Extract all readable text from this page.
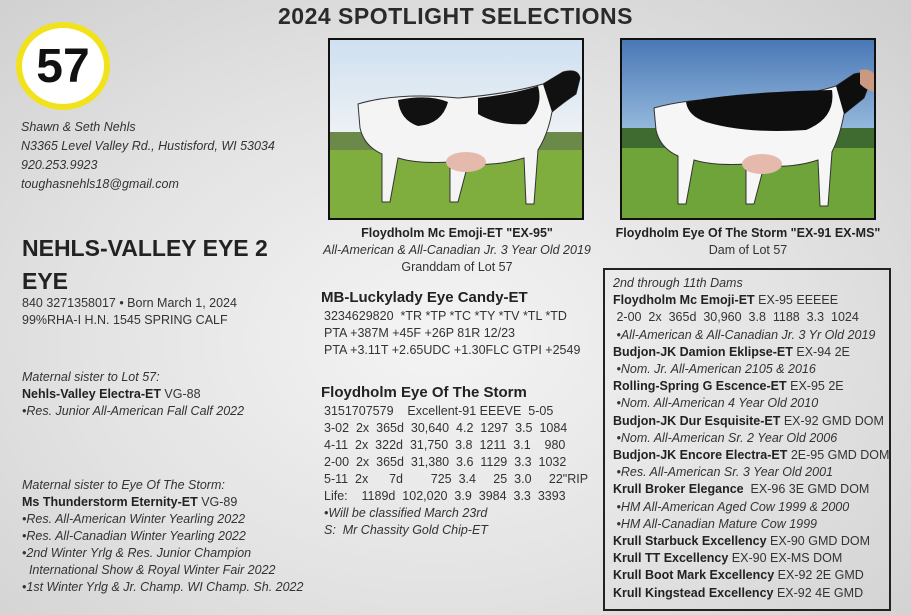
2024 SPOTLIGHT SELECTIONS
57
Shawn & Seth Nehls
N3365 Level Valley Rd., Hustisford, WI 53034
920.253.9923
toughasnehls18@gmail.com
NEHLS-VALLEY EYE 2
EYE
840 3271358017 • Born March 1, 2024
99%RHA-I H.N. 1545 SPRING CALF
Maternal sister to Lot 57:
Nehls-Valley Electra-ET VG-88
•Res. Junior All-American Fall Calf 2022
Maternal sister to Eye Of The Storm:
Ms Thunderstorm Eternity-ET VG-89
•Res. All-American Winter Yearling 2022
•Res. All-Canadian Winter Yearling 2022
•2nd Winter Yrlg & Res. Junior Champion
International Show & Royal Winter Fair 2022
•1st Winter Yrlg & Jr. Champ. WI Champ. Sh. 2022
Floydholm Mc Emoji-ET "EX-95"
All-American & All-Canadian Jr. 3 Year Old 2019
Granddam of Lot 57
Floydholm Eye Of The Storm "EX-91 EX-MS"
Dam of Lot 57
MB-Luckylady Eye Candy-ET
3234629820  *TR *TP *TC *TY *TV *TL *TD
PTA +387M +45F +26P 81R 12/23
PTA +3.11T +2.65UDC +1.30FLC GTPI +2549
Floydholm Eye Of The Storm
3151707579    Excellent-91 EEEVE  5-05
3-02  2x  365d  30,640  4.2  1297  3.5  1084
4-11  2x  322d  31,750  3.8  1211  3.1    980
2-00  2x  365d  31,380  3.6  1129  3.3  1032
5-11  2x      7d        725  3.4     25  3.0     22"RIP
Life:    1189d  102,020  3.9  3984  3.3  3393
•Will be classified March 23rd
S:  Mr Chassity Gold Chip-ET
2nd through 11th Dams
Floydholm Mc Emoji-ET EX-95 EEEEE
2-00  2x  365d  30,960  3.8  1188  3.3  1024
•All-American & All-Canadian Jr. 3 Yr Old 2019
Budjon-JK Damion Eklipse-ET EX-94 2E
•Nom. Jr. All-American 2105 & 2016
Rolling-Spring G Escence-ET EX-95 2E
•Nom. All-American 4 Year Old 2010
Budjon-JK Dur Esquisite-ET EX-92 GMD DOM
•Nom. All-American Sr. 2 Year Old 2006
Budjon-JK Encore Electra-ET 2E-95 GMD DOM
•Res. All-American Sr. 3 Year Old 2001
Krull Broker Elegance  EX-96 3E GMD DOM
•HM All-American Aged Cow 1999 & 2000
•HM All-Canadian Mature Cow 1999
Krull Starbuck Excellency EX-90 GMD DOM
Krull TT Excellency EX-90 EX-MS DOM
Krull Boot Mark Excellency EX-92 2E GMD
Krull Kingstead Excellency EX-92 4E GMD
